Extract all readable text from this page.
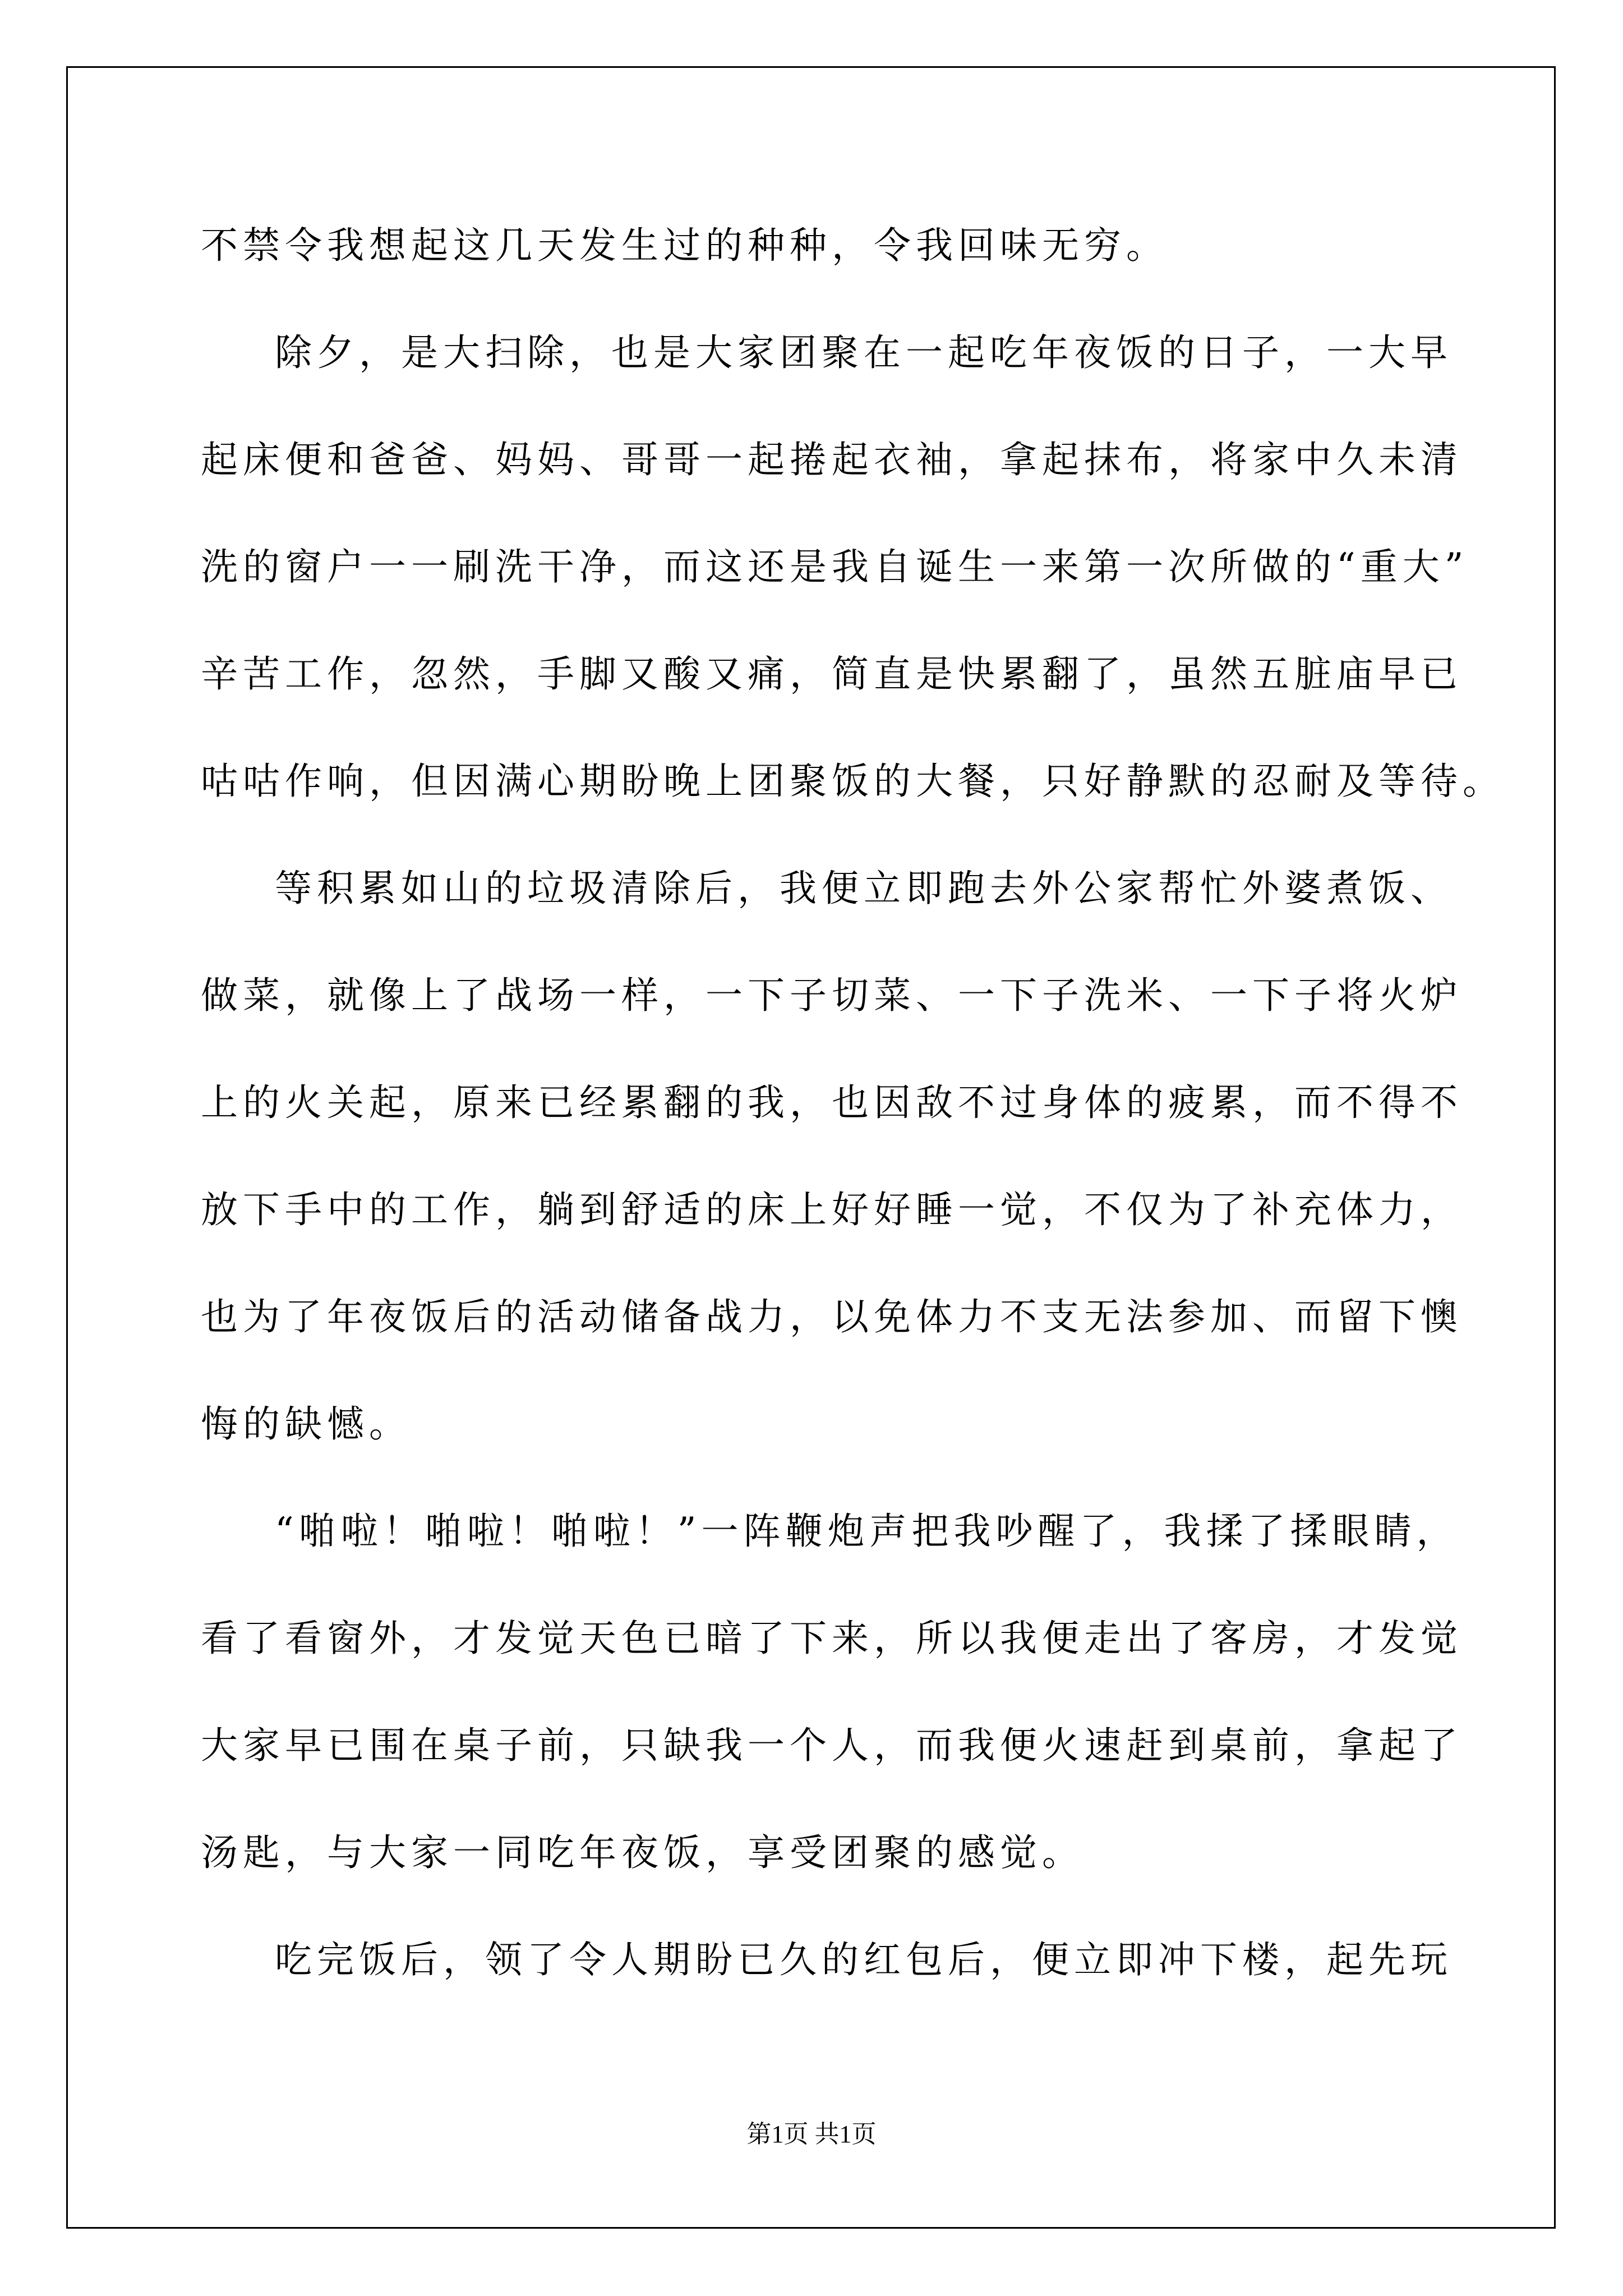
不禁令我想起这几天发生过的种种，令我回味无穷。
除夕，是大扫除，也是大家团聚在一起吃年夜饭的日子，一大早
起床便和爸爸、妈妈、哥哥一起捲起衣袖，拿起抹布，将家中久未清
洗的窗户一一刷洗干净，而这还是我自诞生一来第一次所做的“重大”
辛苦工作，忽然，手脚又酸又痛，简直是快累翻了，虽然五脏庙早已
咕咕作响，但因满心期盼晚上团聚饭的大餐，只好静默的忍耐及等待。
等积累如山的垃圾清除后，我便立即跑去外公家帮忙外婆煮饭、
做菜，就像上了战场一样，一下子切菜、一下子洗米、一下子将火炉
上的火关起，原来已经累翻的我，也因敌不过身体的疲累，而不得不
放下手中的工作，躺到舒适的床上好好睡一觉，不仅为了补充体力，
也为了年夜饭后的活动储备战力，以免体力不支无法参加、而留下懊
悔的缺憾。
“啪啦！啪啦！啪啦！”一阵鞭炮声把我吵醒了，我揉了揉眼睛，
看了看窗外，才发觉天色已暗了下来，所以我便走出了客房，才发觉
大家早已围在桌子前，只缺我一个人，而我便火速赶到桌前，拿起了
汤匙，与大家一同吃年夜饭，享受团聚的感觉。
吃完饭后，领了令人期盼已久的红包后，便立即冲下楼，起先玩
第1页 共1页
